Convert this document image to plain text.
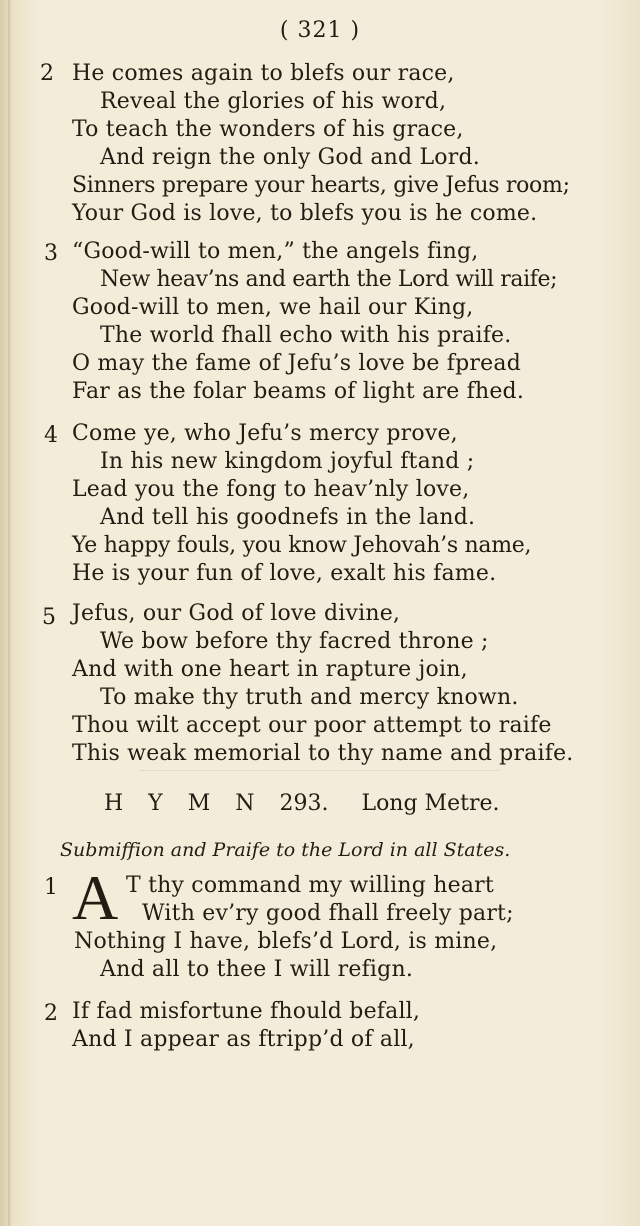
( 321 )
2 He comes again to blefs our race,
Reveal the glories of his word,
To teach the wonders of his grace,
And reign the only God and Lord.
Sinners prepare your hearts, give Jefus room;
Your God is love, to blefs you is he come.
3 “Good-will to men,” the angels fing,
New heav’ns and earth the Lord will raife;
Good-will to men, we hail our King,
The world fhall echo with his praife.
O may the fame of Jefu’s love be fpread
Far as the folar beams of light are fhed.
4 Come ye, who Jefu’s mercy prove,
In his new kingdom joyful ftand ;
Lead you the fong to heav’nly love,
And tell his goodnefs in the land.
Ye happy fouls, you know Jehovah’s name,
He is your fun of love, exalt his fame.
5 Jefus, our God of love divine,
We bow before thy facred throne ;
And with one heart in rapture join,
To make thy truth and mercy known.
Thou wilt accept our poor attempt to raife
This weak memorial to thy name and praife.
H Y M N 293. Long Metre.
Submiffion and Praife to the Lord in all States.
1 A T thy command my willing heart
With ev’ry good fhall freely part;
Nothing I have, blefs’d Lord, is mine,
And all to thee I will refign.
2 If fad misfortune fhould befall,
And I appear as ftripp’d of all,
